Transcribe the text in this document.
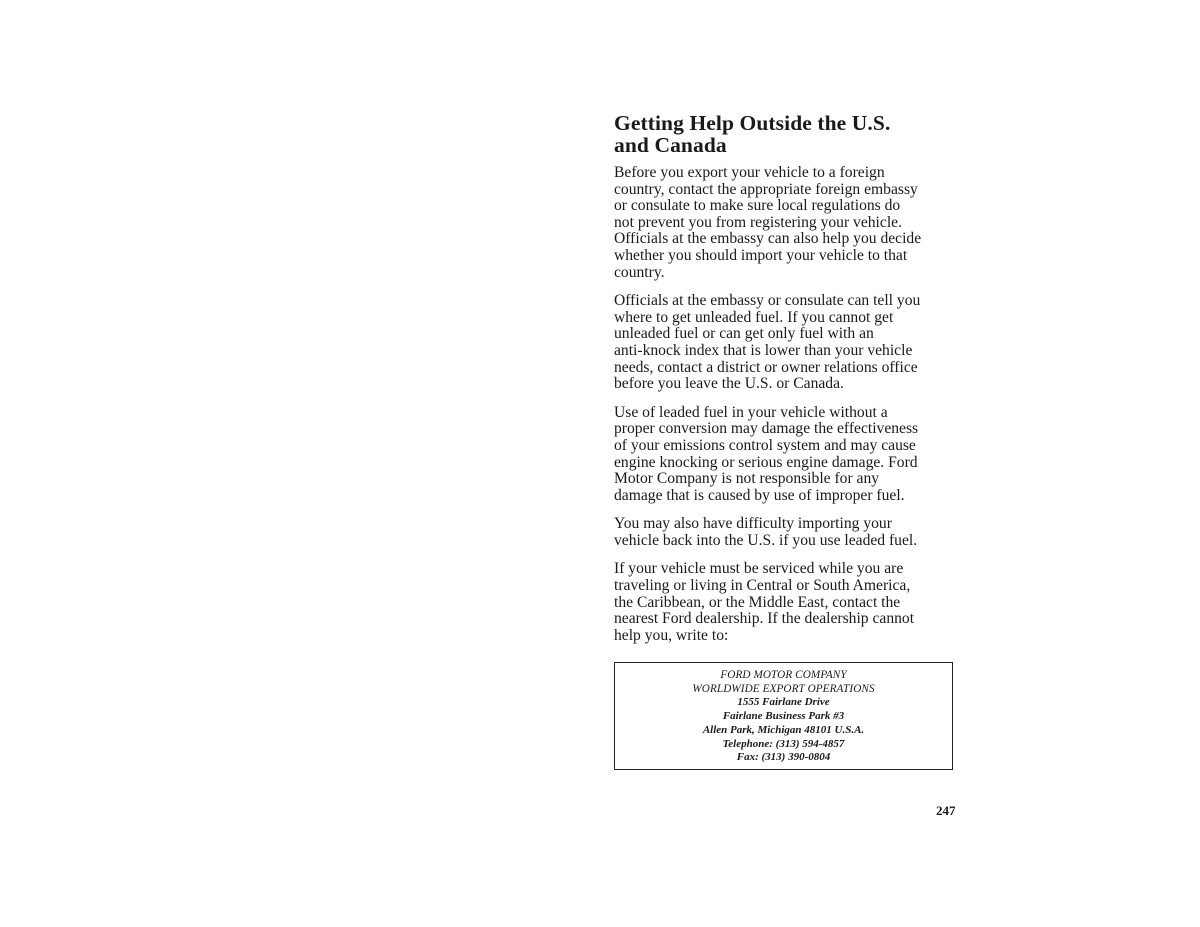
Getting Help Outside the U.S.
and Canada

Before you export your vehicle to a foreign
country, contact the appropriate foreign embassy
or consulate to make sure local regulations do
not prevent you from registering your vehicle.
Officials at the embassy can also help you decide
whether you should import your vehicle to that
country.

Officials at the embassy or consulate can tell you
where to get unleaded fuel. If you cannot get
unleaded fuel or can get only fuel with an
anti-knock index that is lower than your vehicle
needs, contact a district or owner relations office
before you leave the U.S. or Canada.

Use of leaded fuel in your vehicle without a
proper conversion may damage the effectiveness
of your emissions control system and may cause
engine knocking or serious engine damage. Ford
Motor Company is not responsible for any
damage that is caused by use of improper fuel.

You may also have difficulty importing your
vehicle back into the U.S. if you use leaded fuel.

If your vehicle must be serviced while you are
traveling or living in Central or South America,
the Caribbean, or the Middle East, contact the
nearest Ford dealership. If the dealership cannot
help you, write to:

FORD MOTOR COMPANY
WORLDWIDE EXPORT OPERATIONS
1555 Fairlane Drive
Fairlane Business Park #3
Allen Park, Michigan 48101 U.S.A.
Telephone: (313) 594-4857
Fax: (313) 390-0804
247
